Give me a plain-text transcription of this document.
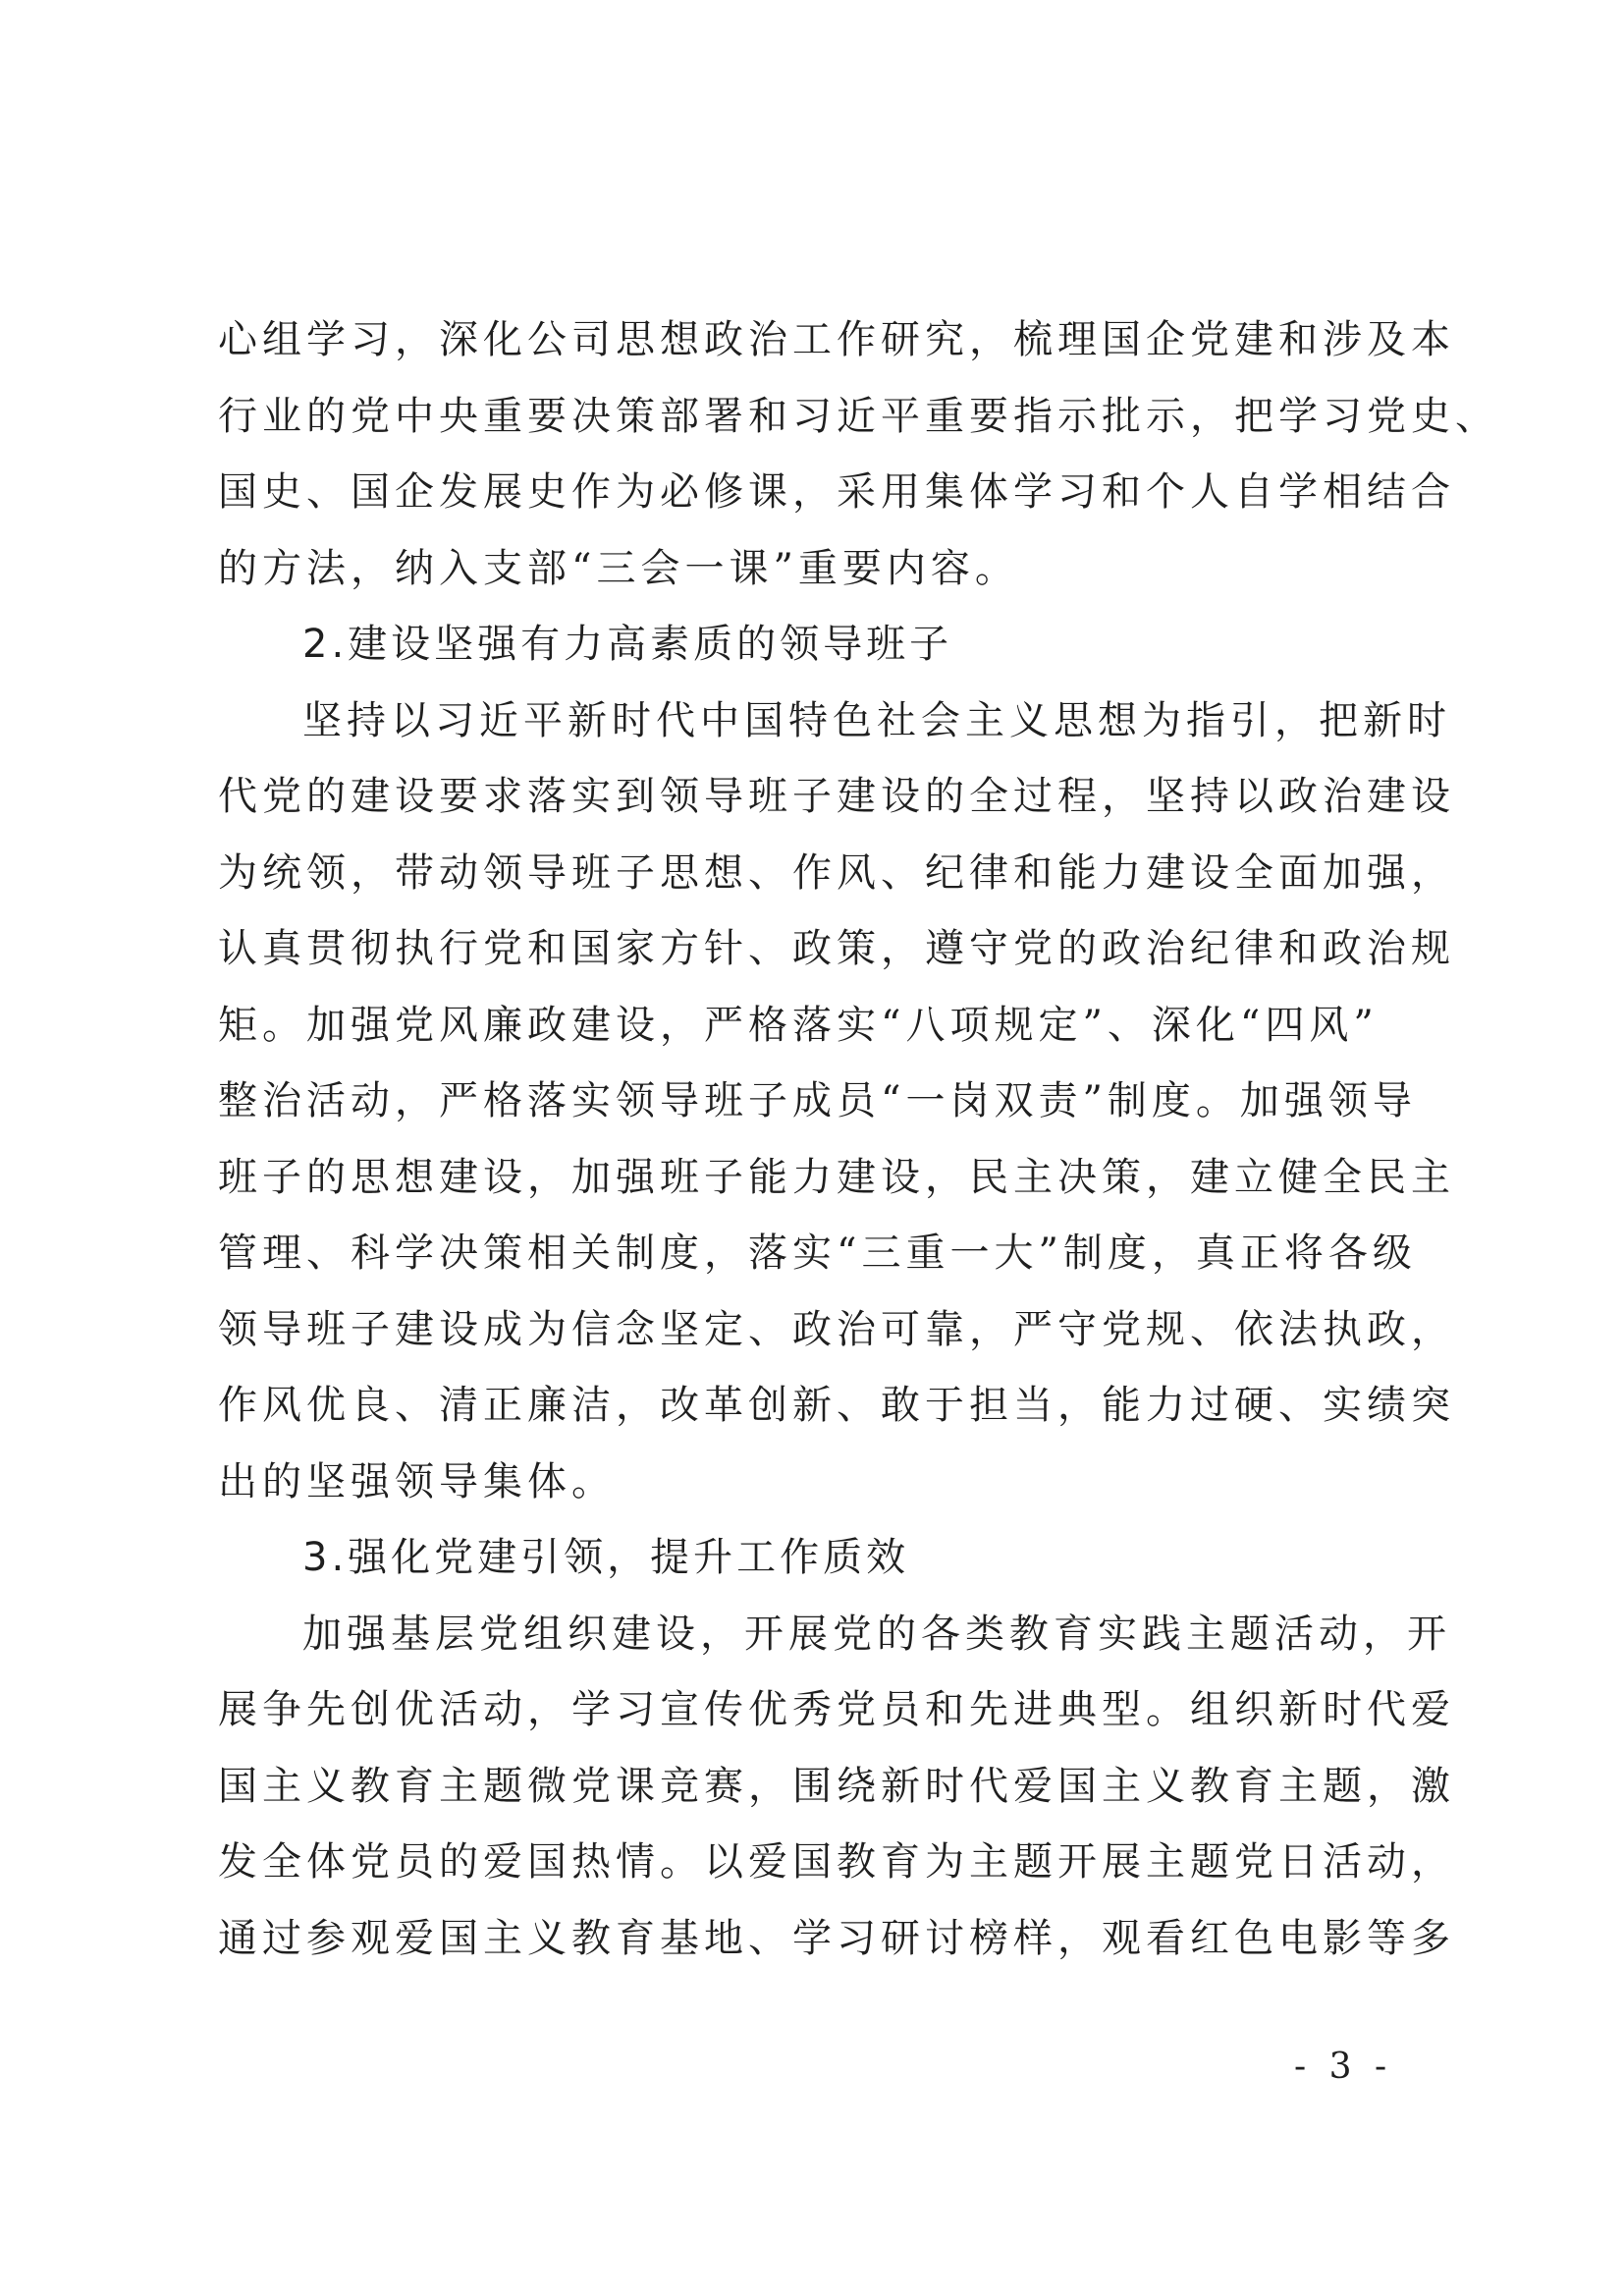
心组学习，深化公司思想政治工作研究，梳理国企党建和涉及本
行业的党中央重要决策部署和习近平重要指示批示，把学习党史、
国史、国企发展史作为必修课，采用集体学习和个人自学相结合
的方法，纳入支部“三会一课”重要内容。
2.建设坚强有力高素质的领导班子
坚持以习近平新时代中国特色社会主义思想为指引，把新时
代党的建设要求落实到领导班子建设的全过程，坚持以政治建设
为统领，带动领导班子思想、作风、纪律和能力建设全面加强，
认真贯彻执行党和国家方针、政策，遵守党的政治纪律和政治规
矩。加强党风廉政建设，严格落实“八项规定”、深化“四风”
整治活动，严格落实领导班子成员“一岗双责”制度。加强领导
班子的思想建设，加强班子能力建设，民主决策，建立健全民主
管理、科学决策相关制度，落实“三重一大”制度，真正将各级
领导班子建设成为信念坚定、政治可靠，严守党规、依法执政，
作风优良、清正廉洁，改革创新、敢于担当，能力过硬、实绩突
出的坚强领导集体。
3.强化党建引领，提升工作质效
加强基层党组织建设，开展党的各类教育实践主题活动，开
展争先创优活动，学习宣传优秀党员和先进典型。组织新时代爱
国主义教育主题微党课竞赛，围绕新时代爱国主义教育主题，激
发全体党员的爱国热情。以爱国教育为主题开展主题党日活动，
通过参观爱国主义教育基地、学习研讨榜样，观看红色电影等多
- 3 -
